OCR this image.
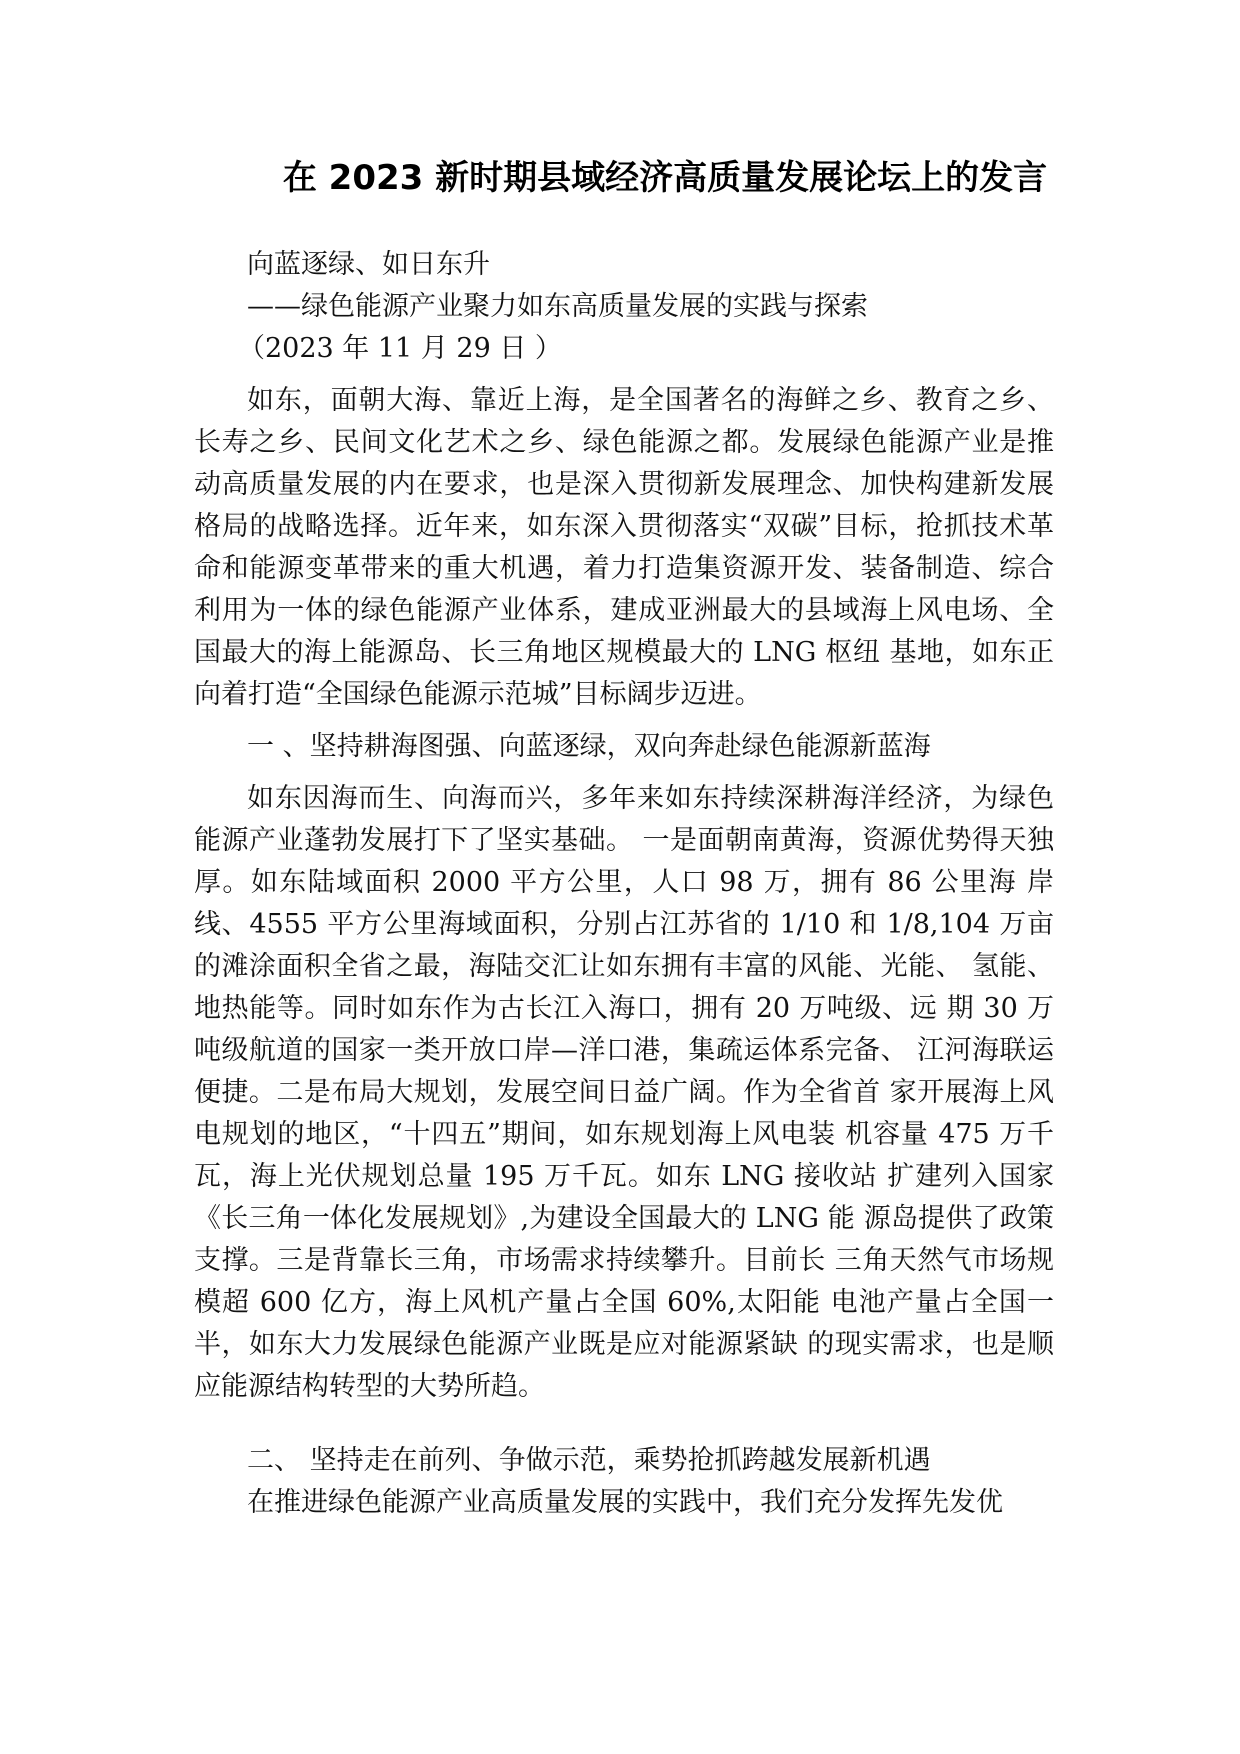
在 2023 新时期县域经济高质量发展论坛上的发言
向蓝逐绿、如日东升
——绿色能源产业聚力如东高质量发展的实践与探索
（2023 年 11 月 29 日 ）

如东，面朝大海、靠近上海，是全国著名的海鲜之乡、教育之乡、长寿之乡、民间文化艺术之乡、绿色能源之都。发展绿色能源产业是推动高质量发展的内在要求，也是深入贯彻新发展理念、加快构建新发展格局的战略选择。近年来，如东深入贯彻落实“双碳”目标，抢抓技术革命和能源变革带来的重大机遇，着力打造集资源开发、装备制造、综合利用为一体的绿色能源产业体系，建成亚洲最大的县域海上风电场、全国最大的海上能源岛、长三角地区规模最大的 LNG 枢纽 基地，如东正向着打造“全国绿色能源示范城”目标阔步迈进。

一 、坚持耕海图强、向蓝逐绿，双向奔赴绿色能源新蓝海

如东因海而生、向海而兴，多年来如东持续深耕海洋经济，为绿色能源产业蓬勃发展打下了坚实基础。 一是面朝南黄海，资源优势得天独厚。如东陆域面积 2000 平方公里，人口 98 万，拥有 86 公里海 岸线、4555 平方公里海域面积，分别占江苏省的 1/10 和 1/8,104 万亩的滩涂面积全省之最，海陆交汇让如东拥有丰富的风能、光能、 氢能、地热能等。同时如东作为古长江入海口，拥有 20 万吨级、远 期 30 万吨级航道的国家一类开放口岸—洋口港，集疏运体系完备、 江河海联运便捷。二是布局大规划，发展空间日益广阔。作为全省首 家开展海上风电规划的地区，“十四五”期间，如东规划海上风电装 机容量 475 万千瓦，海上光伏规划总量 195 万千瓦。如东 LNG 接收站 扩建列入国家《长三角一体化发展规划》,为建设全国最大的 LNG 能 源岛提供了政策支撑。三是背靠长三角，市场需求持续攀升。目前长 三角天然气市场规模超 600 亿方，海上风机产量占全国 60%,太阳能 电池产量占全国一半，如东大力发展绿色能源产业既是应对能源紧缺 的现实需求，也是顺应能源结构转型的大势所趋。

二、 坚持走在前列、争做示范，乘势抢抓跨越发展新机遇

在推进绿色能源产业高质量发展的实践中，我们充分发挥先发优
